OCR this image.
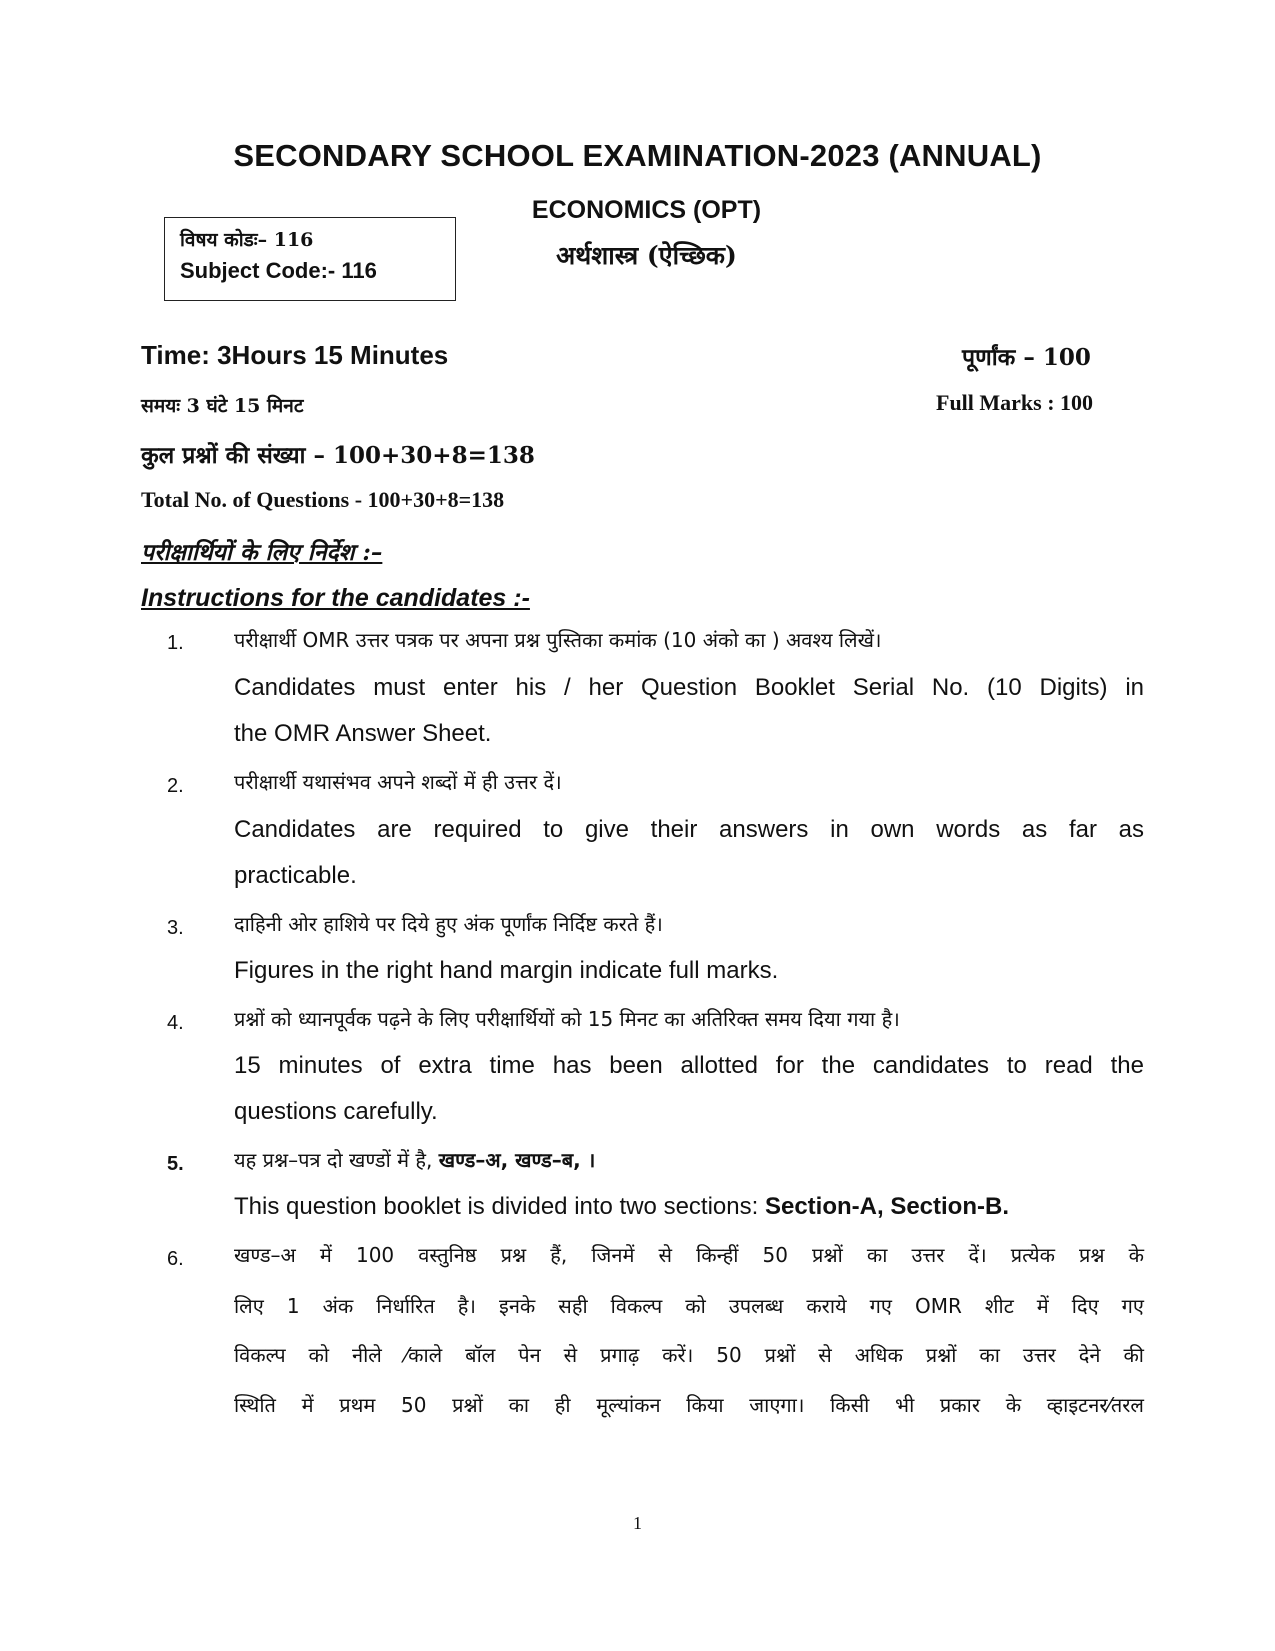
SECONDARY SCHOOL EXAMINATION-2023 (ANNUAL)
ECONOMICS (OPT)
अर्थशास्त्र (ऐच्छिक)
विषय कोडः– 116
Subject Code:- 116
Time: 3Hours 15 Minutes	पूर्णांक – 100
समयः 3 घंटे 15 मिनट	Full Marks : 100
कुल प्रश्नों की संख्या – 100+30+8=138
Total No. of Questions - 100+30+8=138
परीक्षार्थियों के लिए निर्देश :–
Instructions for the candidates :-
1.	परीक्षार्थी OMR उत्तर पत्रक पर अपना प्रश्न पुस्तिका कमांक (10 अंको का ) अवश्य लिखें।
Candidates must enter his / her Question Booklet Serial No. (10 Digits) in
the OMR Answer Sheet.
2.	परीक्षार्थी यथासंभव अपने शब्दों में ही उत्तर दें।
Candidates are required to give their answers in own words as far as
practicable.
3.	दाहिनी ओर हाशिये पर दिये हुए अंक पूर्णांक निर्दिष्ट करते हैं।
Figures in the right hand margin indicate full marks.
4.	प्रश्नों को ध्यानपूर्वक पढ़ने के लिए परीक्षार्थियों को 15 मिनट का अतिरिक्त समय दिया गया है।
15 minutes of extra time has been allotted for the candidates to read the
questions carefully.
5.	यह प्रश्न–पत्र दो खण्डों में है, खण्ड–अ, खण्ड–ब, ।
This question booklet is divided into two sections: Section-A, Section-B.
6.	खण्ड–अ में 100 वस्तुनिष्ठ प्रश्न हैं, जिनमें से किन्हीं 50 प्रश्नों का उत्तर दें। प्रत्येक प्रश्न के
लिए 1 अंक निर्धारित है। इनके सही विकल्प को उपलब्ध कराये गए OMR शीट में दिए गए
विकल्प को नीले ⁄काले बॉल पेन से प्रगाढ़ करें। 50 प्रश्नों से अधिक प्रश्नों का उत्तर देने की
स्थिति में प्रथम 50 प्रश्नों का ही मूल्यांकन किया जाएगा। किसी भी प्रकार के व्हाइटनर⁄तरल
1
